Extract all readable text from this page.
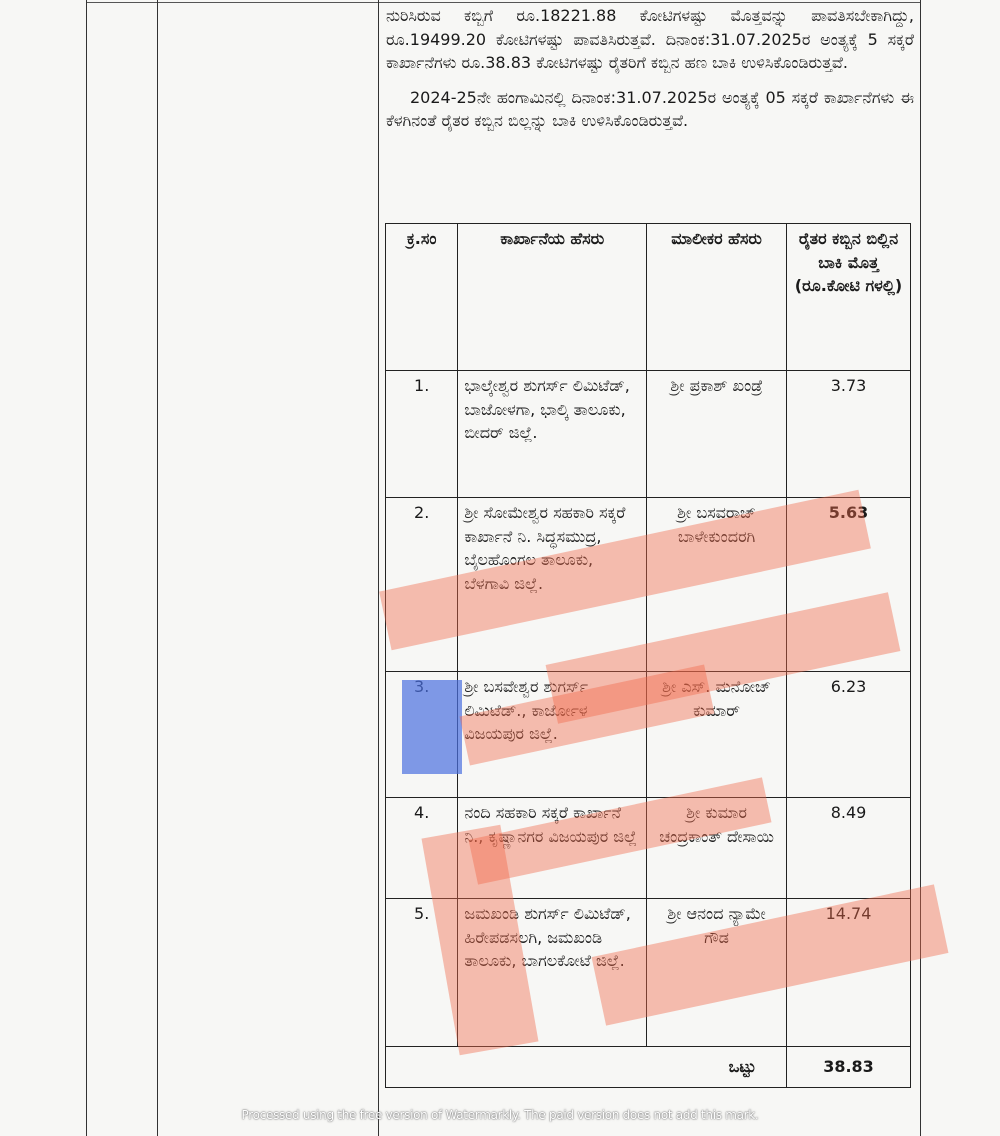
ನುರಿಸಿರುವ ಕಬ್ಬಿಗೆ ರೂ.18221.88 ಕೋಟಿಗಳಷ್ಟು ಮೊತ್ತವನ್ನು ಪಾವತಿಸಬೇಕಾಗಿದ್ದು, ರೂ.19499.20 ಕೋಟಿಗಳಷ್ಟು ಪಾವತಿಸಿರುತ್ತವೆ. ದಿನಾಂಕ:31.07.2025ರ ಅಂತ್ಯಕ್ಕೆ 5 ಸಕ್ಕರೆ ಕಾರ್ಖಾನೆಗಳು ರೂ.38.83 ಕೋಟಿಗಳಷ್ಟು ರೈತರಿಗೆ ಕಬ್ಬಿನ ಹಣ ಬಾಕಿ ಉಳಿಸಿಕೊಂಡಿರುತ್ತವೆ.

2024-25ನೇ ಹಂಗಾಮಿನಲ್ಲಿ ದಿನಾಂಕ:31.07.2025ರ ಅಂತ್ಯಕ್ಕೆ 05 ಸಕ್ಕರೆ ಕಾರ್ಖಾನೆಗಳು ಈ ಕೆಳಗಿನಂತೆ ರೈತರ ಕಬ್ಬಿನ ಬಿಲ್ಲನ್ನು ಬಾಕಿ ಉಳಿಸಿಕೊಂಡಿರುತ್ತವೆ.

ಕ್ರ.ಸಂ	ಕಾರ್ಖಾನೆಯ ಹೆಸರು	ಮಾಲೀಕರ ಹೆಸರು	ರೈತರ ಕಬ್ಬಿನ ಬಿಲ್ಲಿನ ಬಾಕಿ ಮೊತ್ತ (ರೂ.ಕೋಟಿ ಗಳಲ್ಲಿ)
1.	ಭಾಲ್ಕೇಶ್ವರ ಶುಗರ್ಸ್ ಲಿಮಿಟೆಡ್, ಬಾಜೋಳಗಾ, ಭಾಲ್ಕಿ ತಾಲೂಕು, ಬೀದರ್ ಜಿಲ್ಲೆ.	ಶ್ರೀ ಪ್ರಕಾಶ್ ಖಂಡ್ರೆ	3.73
2.	ಶ್ರೀ ಸೋಮೇಶ್ವರ ಸಹಕಾರಿ ಸಕ್ಕರೆ ಕಾರ್ಖಾನೆ ನಿ. ಸಿದ್ಧಸಮುದ್ರ, ಬೈಲಹೊಂಗಲ ತಾಲೂಕು, ಬೆಳಗಾವಿ ಜಿಲ್ಲೆ.	ಶ್ರೀ ಬಸವರಾಜ್ ಬಾಳೇಕುಂದರಗಿ	5.63
	ಶ್ರೀ ಬಸವೇಶ್ವರ ಶುಗರ್ಸ್ ಲಿಮಿಟೆಡ್., ಕಾರ್ಜೋಳ ವಿಜಯಪುರ ಜಿಲ್ಲೆ.	ಶ್ರೀ ಎಸ್. ಮನೋಜ್ ಕುಮಾರ್	6.23
4.	ನಂದಿ ಸಹಕಾರಿ ಸಕ್ಕರೆ ಕಾರ್ಖಾನೆ ನಿ., ಕೃಷ್ಣಾನಗರ ವಿಜಯಪುರ ಜಿಲ್ಲೆ	ಶ್ರೀ ಕುಮಾರ ಚಂದ್ರಕಾಂತ್ ದೇಸಾಯಿ	8.49
5.	ಜಮಖಂಡಿ ಶುಗರ್ಸ್ ಲಿಮಿಟೆಡ್, ಹಿರೇಪಡಸಲಗಿ, ಜಮಖಂಡಿ ತಾಲೂಕು, ಬಾಗಲಕೋಟೆ ಜಿಲ್ಲೆ.	ಶ್ರೀ ಆನಂದ ನ್ಯಾಮೇ ಗೌಡ	14.74
ಒಟ್ಟು			38.83
Processed using the free version of Watermarkly. The paid version does not add this mark.
